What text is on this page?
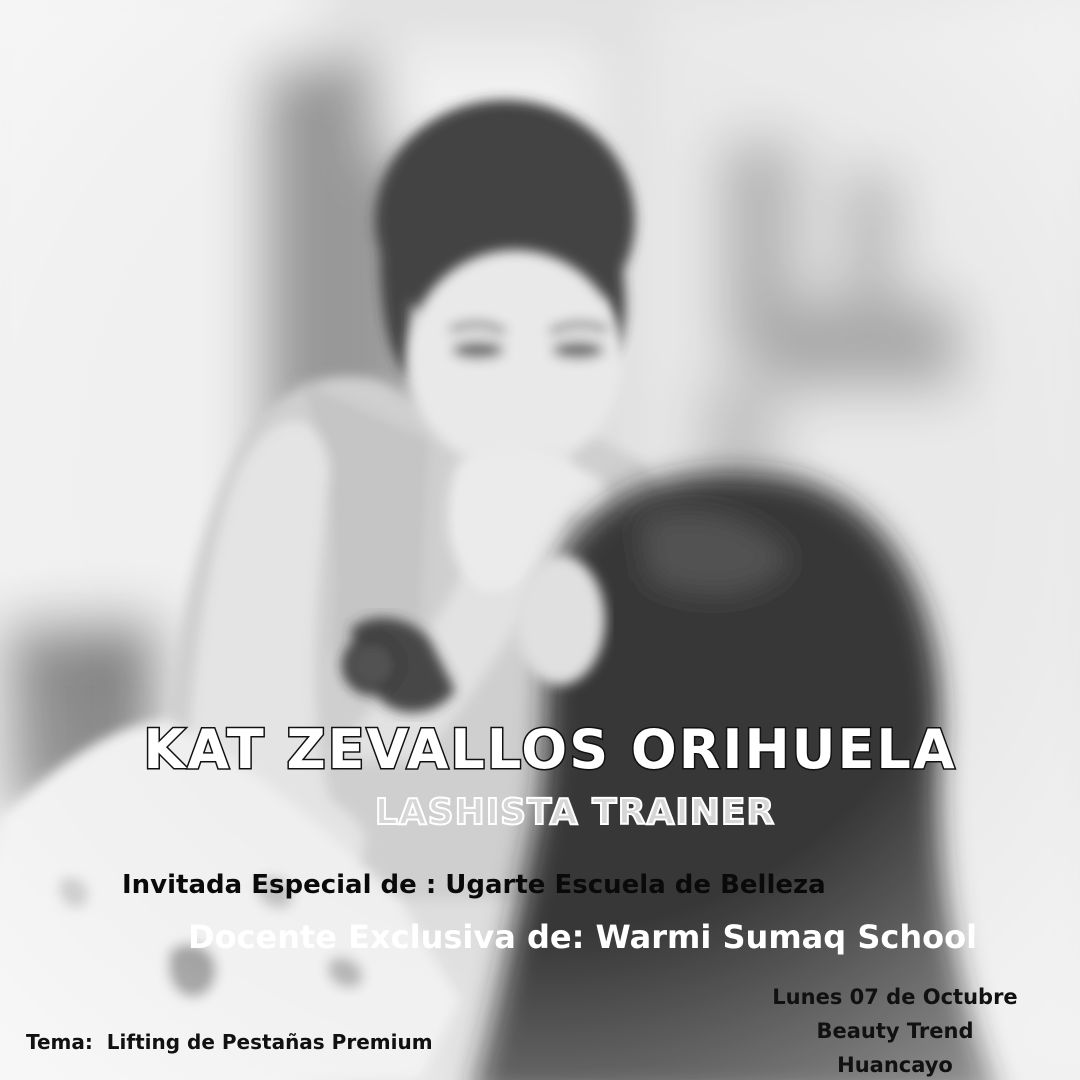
KAT ZEVALLOS ORIHUELA
LASHISTA TRAINER
Invitada Especial de : Ugarte Escuela de Belleza
Docente Exclusiva de: Warmi Sumaq School
Tema:  Lifting de Pestañas Premium
Lunes 07 de Octubre
Beauty Trend
Huancayo
